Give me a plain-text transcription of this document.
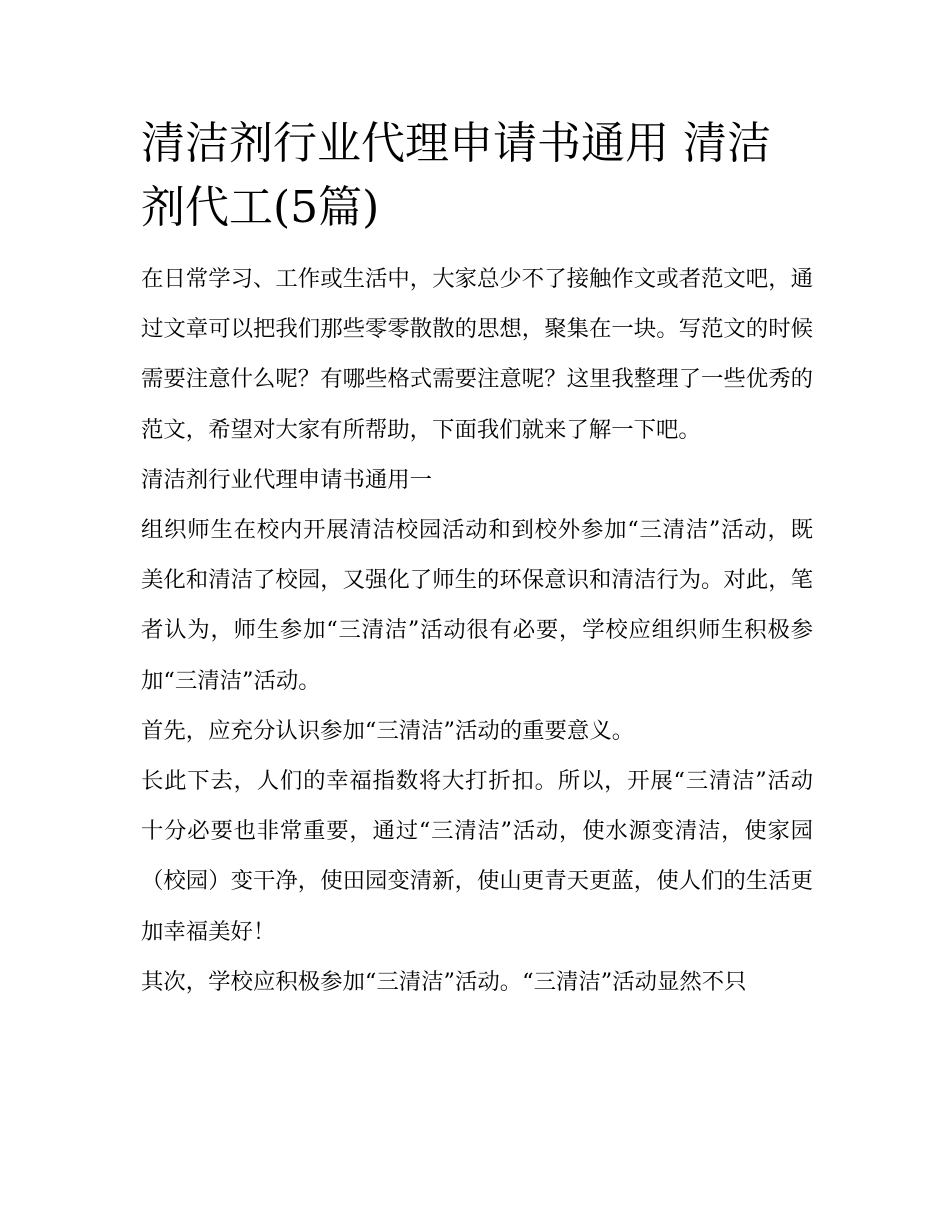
清洁剂行业代理申请书通用 清洁剂代工(5篇)

在日常学习、工作或生活中，大家总少不了接触作文或者范文吧，通过文章可以把我们那些零零散散的思想，聚集在一块。写范文的时候需要注意什么呢？有哪些格式需要注意呢？这里我整理了一些优秀的范文，希望对大家有所帮助，下面我们就来了解一下吧。

清洁剂行业代理申请书通用一

组织师生在校内开展清洁校园活动和到校外参加“三清洁”活动，既美化和清洁了校园，又强化了师生的环保意识和清洁行为。对此，笔者认为，师生参加“三清洁”活动很有必要，学校应组织师生积极参加“三清洁”活动。

首先，应充分认识参加“三清洁”活动的重要意义。

长此下去，人们的幸福指数将大打折扣。所以，开展“三清洁”活动十分必要也非常重要，通过“三清洁”活动，使水源变清洁，使家园（校园）变干净，使田园变清新，使山更青天更蓝，使人们的生活更加幸福美好！

其次，学校应积极参加“三清洁”活动。“三清洁”活动显然不只
